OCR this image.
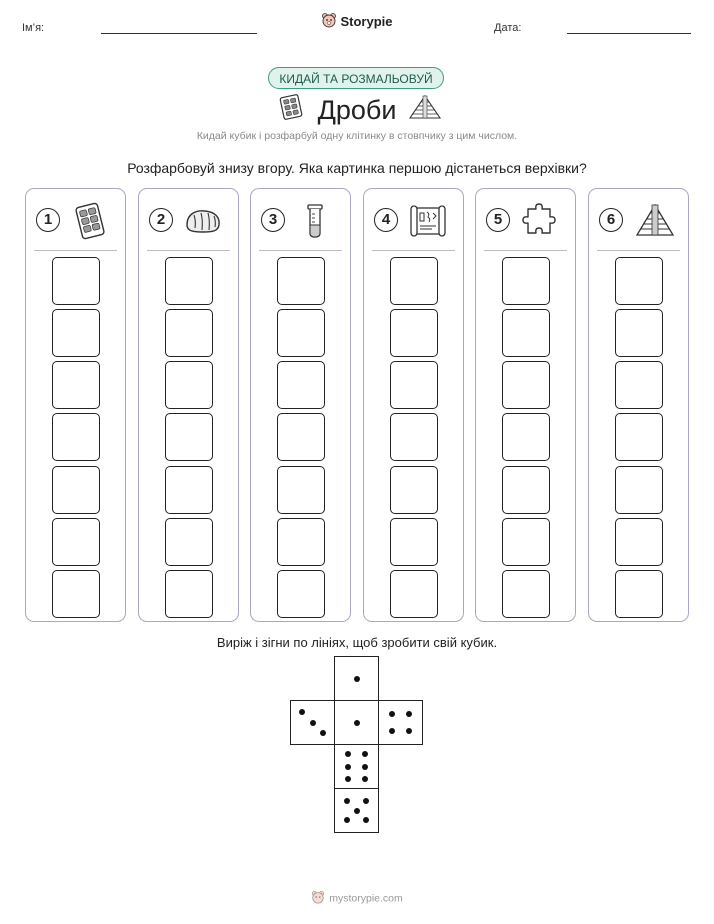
Ім’я:	Storypie	Дата:
КИДАЙ ТА РОЗМАЛЬОВУЙ
Дроби
Кидай кубик і розфарбуй одну клітинку в стовпчику з цим числом.
Розфарбовуй знизу вгору. Яка картинка першою дістанеться верхівки?
1	2	3	4	5	6
Виріж і зігни по лініях, щоб зробити свій кубик.
mystorypie.com
